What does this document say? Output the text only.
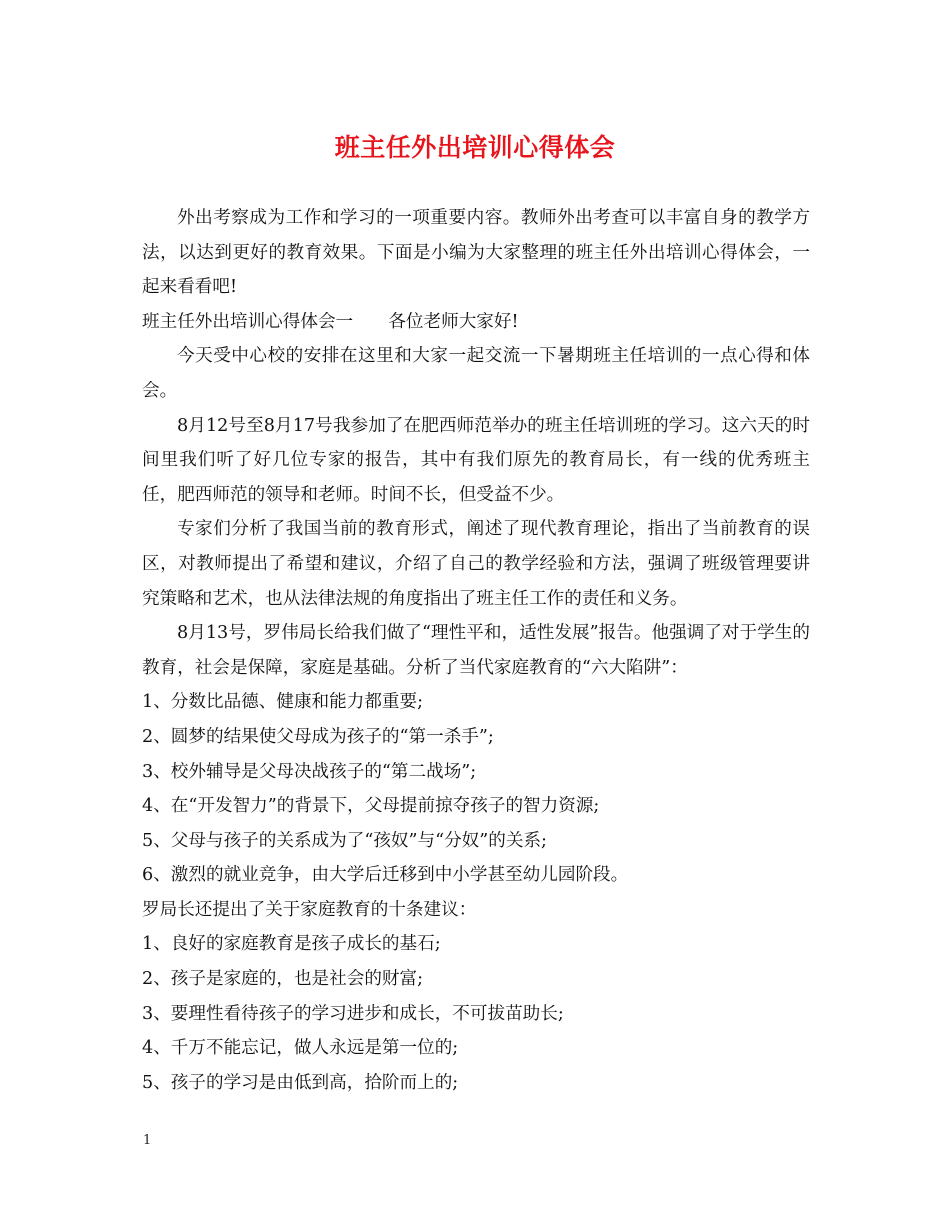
班主任外出培训心得体会

外出考察成为工作和学习的一项重要内容。教师外出考查可以丰富自身的教学方法，以达到更好的教育效果。下面是小编为大家整理的班主任外出培训心得体会，一起来看看吧!

班主任外出培训心得体会一　　各位老师大家好!

今天受中心校的安排在这里和大家一起交流一下暑期班主任培训的一点心得和体会。

8月12号至8月17号我参加了在肥西师范举办的班主任培训班的学习。这六天的时间里我们听了好几位专家的报告，其中有我们原先的教育局长，有一线的优秀班主任，肥西师范的领导和老师。时间不长，但受益不少。

专家们分析了我国当前的教育形式，阐述了现代教育理论，指出了当前教育的误区，对教师提出了希望和建议，介绍了自己的教学经验和方法，强调了班级管理要讲究策略和艺术，也从法律法规的角度指出了班主任工作的责任和义务。

8月13号，罗伟局长给我们做了“理性平和，适性发展”报告。他强调了对于学生的教育，社会是保障，家庭是基础。分析了当代家庭教育的“六大陷阱”：

1、分数比品德、健康和能力都重要;

2、圆梦的结果使父母成为孩子的“第一杀手”;

3、校外辅导是父母决战孩子的“第二战场”;

4、在“开发智力”的背景下，父母提前掠夺孩子的智力资源;

5、父母与孩子的关系成为了“孩奴”与“分奴”的关系;

6、激烈的就业竞争，由大学后迁移到中小学甚至幼儿园阶段。

罗局长还提出了关于家庭教育的十条建议：

1、良好的家庭教育是孩子成长的基石;

2、孩子是家庭的，也是社会的财富;

3、要理性看待孩子的学习进步和成长，不可拔苗助长;

4、千万不能忘记，做人永远是第一位的;

5、孩子的学习是由低到高，拾阶而上的;

1
